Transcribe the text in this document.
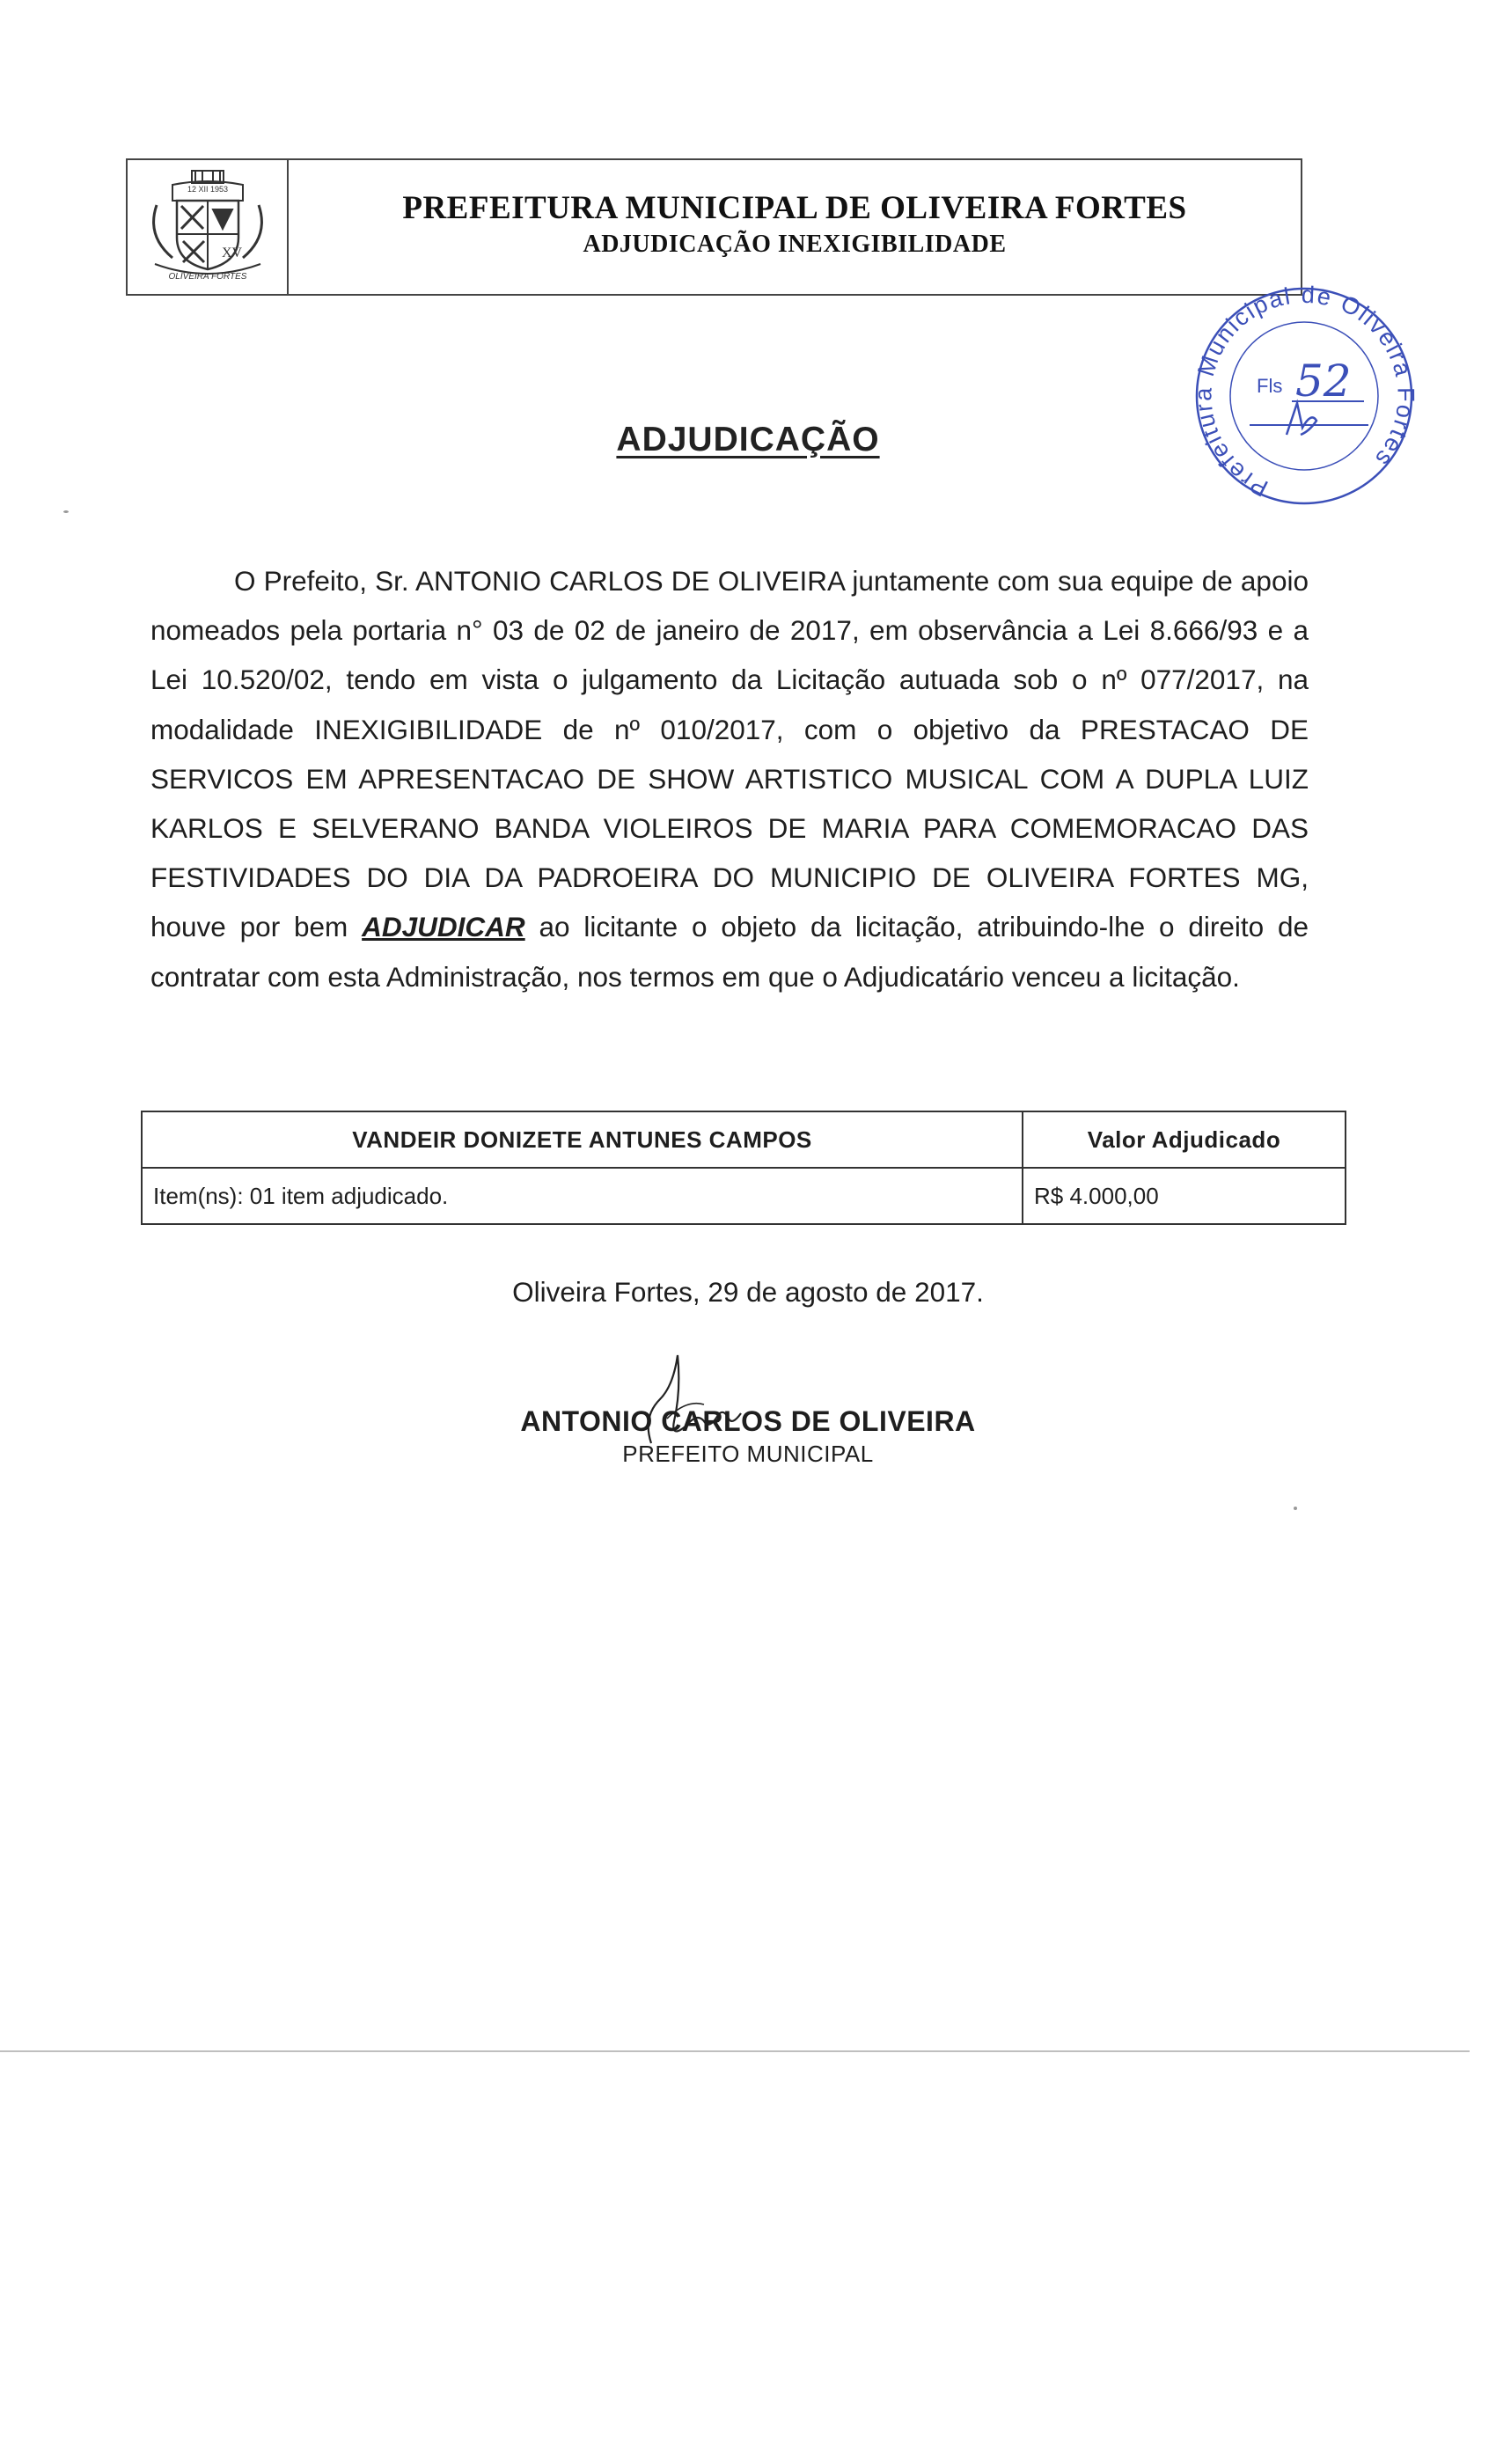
XV
12 XII 1953
OLIVEIRA FORTES
PREFEITURA MUNICIPAL DE OLIVEIRA FORTES
ADJUDICAÇÃO INEXIGIBILIDADE
Prefeitura Municipal de Oliveira Fortes
Fls 52
ADJUDICAÇÃO
O Prefeito, Sr. ANTONIO CARLOS DE OLIVEIRA juntamente com sua equipe de apoio nomeados pela portaria n° 03 de 02 de janeiro de 2017, em observância a Lei 8.666/93 e a Lei 10.520/02, tendo em vista o julgamento da Licitação autuada sob o nº 077/2017, na modalidade INEXIGIBILIDADE de nº 010/2017, com o objetivo da PRESTACAO DE SERVICOS EM APRESENTACAO DE SHOW ARTISTICO MUSICAL COM A DUPLA LUIZ KARLOS E SELVERANO BANDA VIOLEIROS DE MARIA PARA COMEMORACAO DAS FESTIVIDADES DO DIA DA PADROEIRA DO MUNICIPIO DE OLIVEIRA FORTES MG, houve por bem ADJUDICAR ao licitante o objeto da licitação, atribuindo-lhe o direito de contratar com esta Administração, nos termos em que o Adjudicatário venceu a licitação.
VANDEIR DONIZETE ANTUNES CAMPOS	Valor Adjudicado
Item(ns): 01 item adjudicado.	R$ 4.000,00
Oliveira Fortes, 29 de agosto de 2017.
ANTONIO CARLOS DE OLIVEIRA
PREFEITO MUNICIPAL
